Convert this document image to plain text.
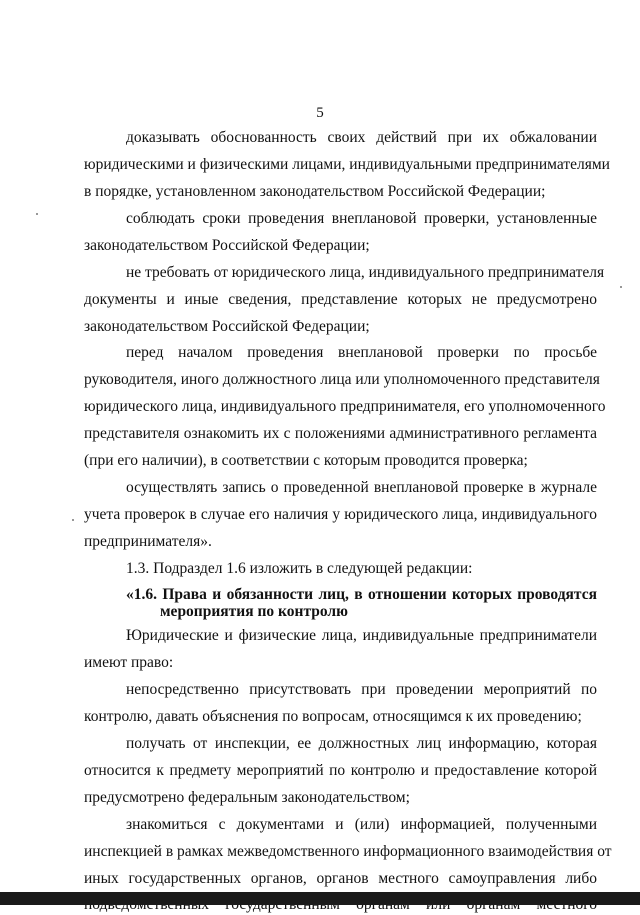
5
доказывать обоснованность своих действий при их обжаловании
юридическими и физическими лицами, индивидуальными предпринимателями
в порядке, установленном законодательством Российской Федерации;
соблюдать сроки проведения внеплановой проверки, установленные
законодательством Российской Федерации;
не требовать от юридического лица, индивидуального предпринимателя
документы и иные сведения, представление которых не предусмотрено
законодательством Российской Федерации;
перед началом проведения внеплановой проверки по просьбе
руководителя, иного должностного лица или уполномоченного представителя
юридического лица, индивидуального предпринимателя, его уполномоченного
представителя ознакомить их с положениями административного регламента
(при его наличии), в соответствии с которым проводится проверка;
осуществлять запись о проведенной внеплановой проверке в журнале
учета проверок в случае его наличия у юридического лица, индивидуального
предпринимателя».
1.3. Подраздел 1.6 изложить в следующей редакции:
«1.6. Права и обязанности лиц, в отношении которых проводятся
мероприятия по контролю
Юридические и физические лица, индивидуальные предприниматели
имеют право:
непосредственно присутствовать при проведении мероприятий по
контролю, давать объяснения по вопросам, относящимся к их проведению;
получать от инспекции, ее должностных лиц информацию, которая
относится к предмету мероприятий по контролю и предоставление которой
предусмотрено федеральным законодательством;
знакомиться с документами и (или) информацией, полученными
инспекцией в рамках межведомственного информационного взаимодействия от
иных государственных органов, органов местного самоуправления либо
